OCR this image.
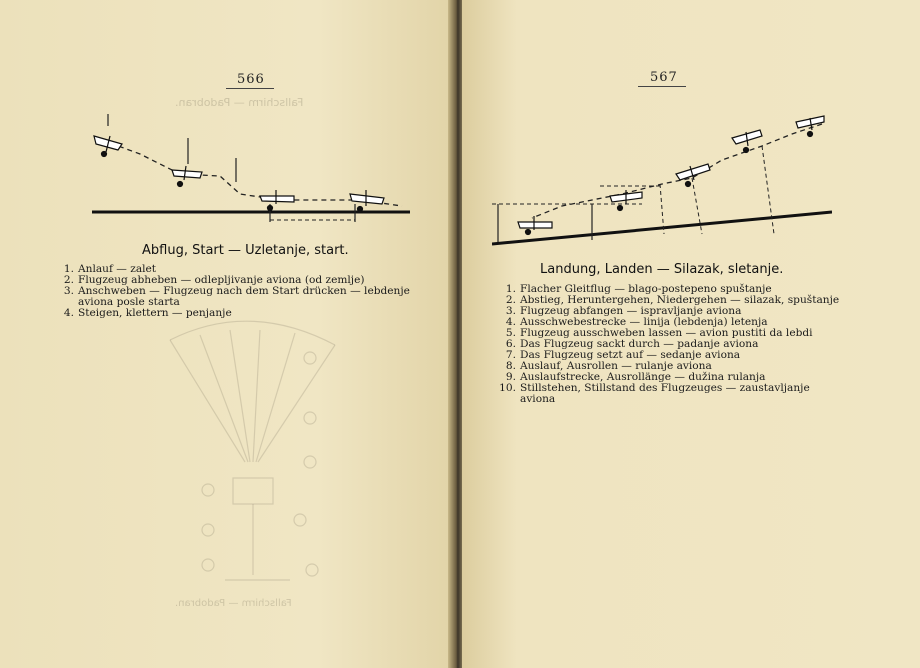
Fallschirm — Padobran.
Fallschirm — Padobran.
566
Abflug, Start — Uzletanje, start.
1. Anlauf — zalet
2. Flugzeug abheben — odlepljivanje aviona (od zemlje)
3. Anschweben — Flugzeug nach dem Start drücken — lebdenje aviona posle starta
4. Steigen, klettern — penjanje
567
Landung, Landen — Silazak, sletanje.
1. Flacher Gleitflug — blago-postepeno spuštanje
2. Abstieg, Heruntergehen, Niedergehen — silazak, spuštanje
3. Flugzeug abfangen — ispravljanje aviona
4. Ausschwebestrecke — linija (lebdenja) letenja
5. Flugzeug ausschweben lassen — avion pustiti da lebdi
6. Das Flugzeug sackt durch — padanje aviona
7. Das Flugzeug setzt auf — sedanje aviona
8. Auslauf, Ausrollen — rulanje aviona
9. Auslaufstrecke, Ausrollänge — dužina rulanja
10. Stillstehen, Stillstand des Flugzeuges — zaustavljanje aviona
